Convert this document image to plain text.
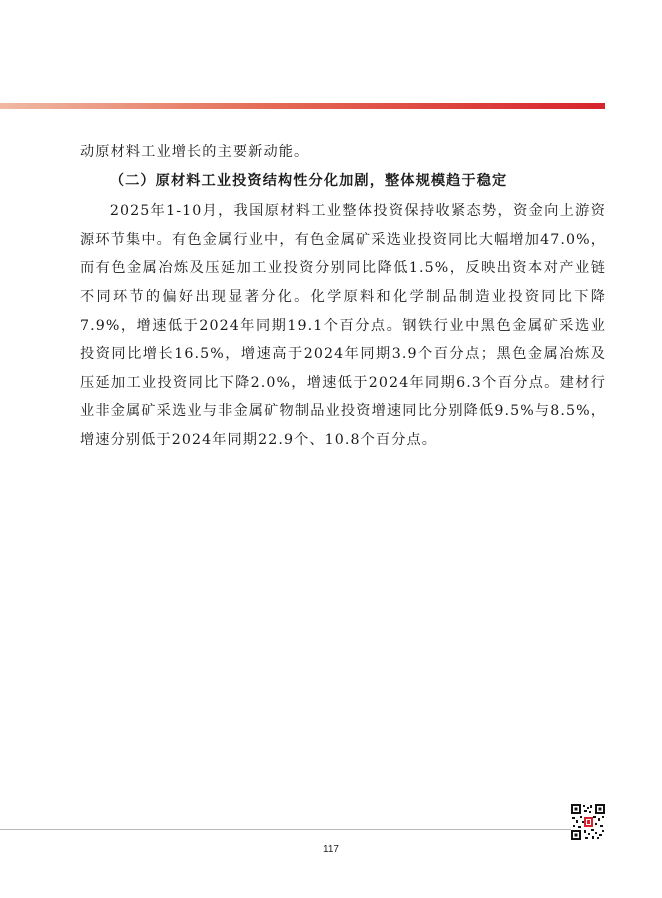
动原材料工业增长的主要新动能。

（二）原材料工业投资结构性分化加剧，整体规模趋于稳定

2025年1-10月，我国原材料工业整体投资保持收紧态势，资金向上游资源环节集中。有色金属行业中，有色金属矿采选业投资同比大幅增加47.0%，而有色金属冶炼及压延加工业投资分别同比降低1.5%，反映出资本对产业链不同环节的偏好出现显著分化。化学原料和化学制品制造业投资同比下降7.9%，增速低于2024年同期19.1个百分点。钢铁行业中黑色金属矿采选业投资同比增长16.5%，增速高于2024年同期3.9个百分点；黑色金属冶炼及压延加工业投资同比下降2.0%，增速低于2024年同期6.3个百分点。建材行业非金属矿采选业与非金属矿物制品业投资增速同比分别降低9.5%与8.5%，增速分别低于2024年同期22.9个、10.8个百分点。

117
